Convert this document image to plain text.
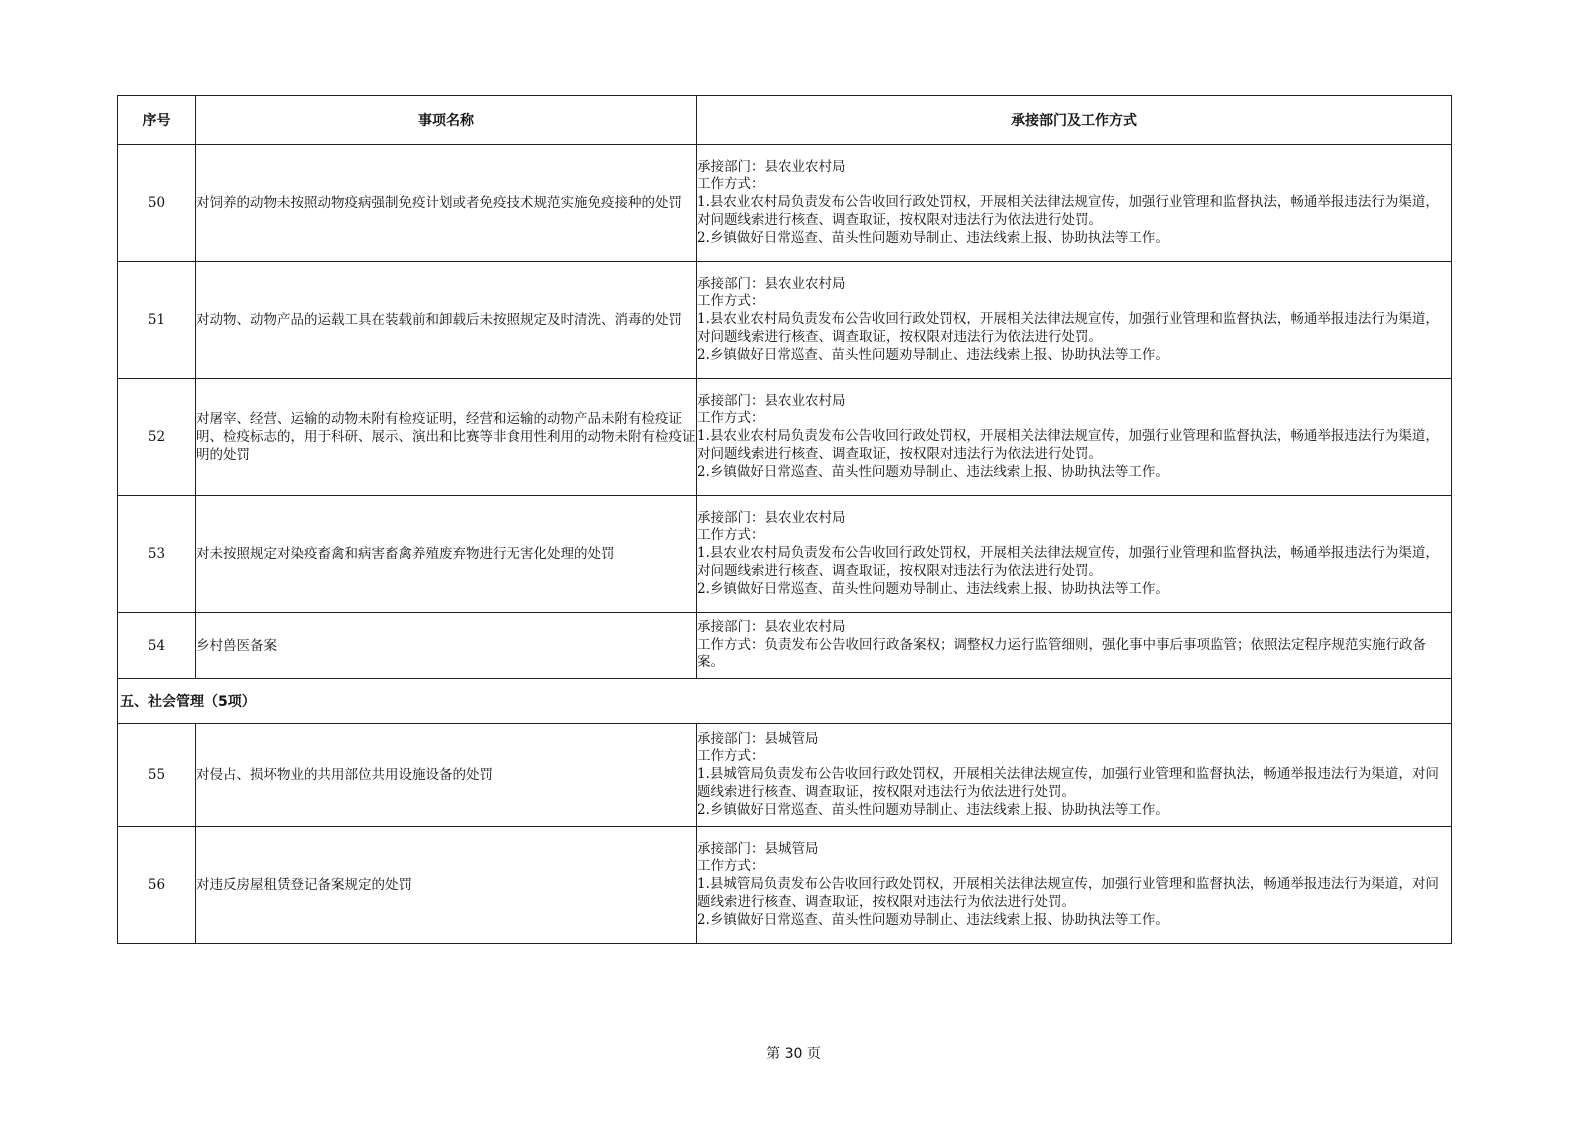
序号	事项名称	承接部门及工作方式
50	对饲养的动物未按照动物疫病强制免疫计划或者免疫技术规范实施免疫接种的处罚	承接部门：县农业农村局
工作方式：
1.县农业农村局负责发布公告收回行政处罚权，开展相关法律法规宣传，加强行业管理和监督执法，畅通举报违法行为渠道，对问题线索进行核查、调查取证，按权限对违法行为依法进行处罚。
2.乡镇做好日常巡查、苗头性问题劝导制止、违法线索上报、协助执法等工作。

51	对动物、动物产品的运载工具在装载前和卸载后未按照规定及时清洗、消毒的处罚	承接部门：县农业农村局
工作方式：
1.县农业农村局负责发布公告收回行政处罚权，开展相关法律法规宣传，加强行业管理和监督执法，畅通举报违法行为渠道，对问题线索进行核查、调查取证，按权限对违法行为依法进行处罚。
2.乡镇做好日常巡查、苗头性问题劝导制止、违法线索上报、协助执法等工作。

52	对屠宰、经营、运输的动物未附有检疫证明，经营和运输的动物产品未附有检疫证明、检疫标志的，用于科研、展示、演出和比赛等非食用性利用的动物未附有检疫证明的处罚	承接部门：县农业农村局
工作方式：
1.县农业农村局负责发布公告收回行政处罚权，开展相关法律法规宣传，加强行业管理和监督执法，畅通举报违法行为渠道，对问题线索进行核查、调查取证，按权限对违法行为依法进行处罚。
2.乡镇做好日常巡查、苗头性问题劝导制止、违法线索上报、协助执法等工作。

53	对未按照规定对染疫畜禽和病害畜禽养殖废弃物进行无害化处理的处罚	承接部门：县农业农村局
工作方式：
1.县农业农村局负责发布公告收回行政处罚权，开展相关法律法规宣传，加强行业管理和监督执法，畅通举报违法行为渠道，对问题线索进行核查、调查取证，按权限对违法行为依法进行处罚。
2.乡镇做好日常巡查、苗头性问题劝导制止、违法线索上报、协助执法等工作。

54	乡村兽医备案	承接部门：县农业农村局
工作方式：负责发布公告收回行政备案权；调整权力运行监管细则，强化事中事后事项监管；依照法定程序规范实施行政备案。

五、社会管理（5项）		
55	对侵占、损坏物业的共用部位共用设施设备的处罚	承接部门：县城管局
工作方式：
1.县城管局负责发布公告收回行政处罚权，开展相关法律法规宣传，加强行业管理和监督执法，畅通举报违法行为渠道，对问题线索进行核查、调查取证，按权限对违法行为依法进行处罚。
2.乡镇做好日常巡查、苗头性问题劝导制止、违法线索上报、协助执法等工作。

56	对违反房屋租赁登记备案规定的处罚	承接部门：县城管局
工作方式：
1.县城管局负责发布公告收回行政处罚权，开展相关法律法规宣传，加强行业管理和监督执法，畅通举报违法行为渠道，对问题线索进行核查、调查取证，按权限对违法行为依法进行处罚。
2.乡镇做好日常巡查、苗头性问题劝导制止、违法线索上报、协助执法等工作。
第 30 页
